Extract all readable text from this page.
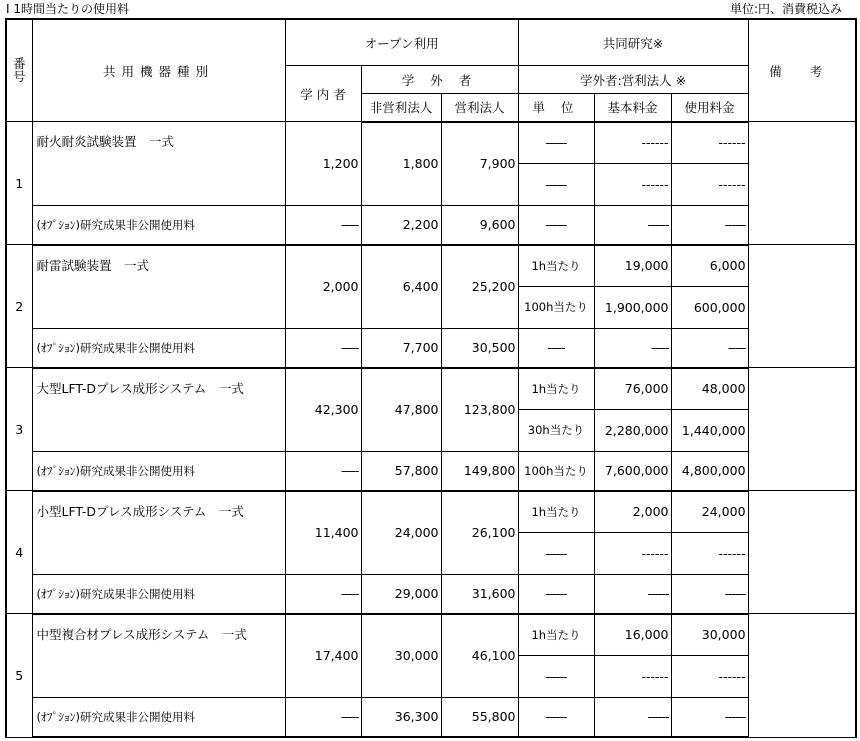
Ⅰ 1時間当たりの使用料	単位:円、消費税込み
番号	共用機器種別	オープン利用			共同研究※			備 考
		学 内 者	学 外 者		学外者:営利法人 ※			
			非営利法人	営利法人	単 位	基本料金	使用料金	
1	耐火耐炎試験装置　一式	1,200	1,800	7,900	------	------	------	
					------	------	------	
	(ｵﾌﾟｼｮﾝ)研究成果非公開使用料	-----	2,200	9,600	------	------	------	
2	耐雷試験装置　一式	2,000	6,400	25,200	1h当たり	19,000	6,000	
					100h当たり	1,900,000	600,000	
	(ｵﾌﾟｼｮﾝ)研究成果非公開使用料	-----	7,700	30,500	-----	-----	-----	
3	大型LFT-Dプレス成形システム　一式	42,300	47,800	123,800	1h当たり	76,000	48,000	
					30h当たり	2,280,000	1,440,000	
	(ｵﾌﾟｼｮﾝ)研究成果非公開使用料	-----	57,800	149,800	100h当たり	7,600,000	4,800,000	
4	小型LFT-Dプレス成形システム　一式	11,400	24,000	26,100	1h当たり	2,000	24,000	
					------	------	------	
	(ｵﾌﾟｼｮﾝ)研究成果非公開使用料	-----	29,000	31,600	------	------	------	
5	中型複合材プレス成形システム　一式	17,400	30,000	46,100	1h当たり	16,000	30,000	
					------	------	------	
	(ｵﾌﾟｼｮﾝ)研究成果非公開使用料	-----	36,300	55,800	------	------	------	
